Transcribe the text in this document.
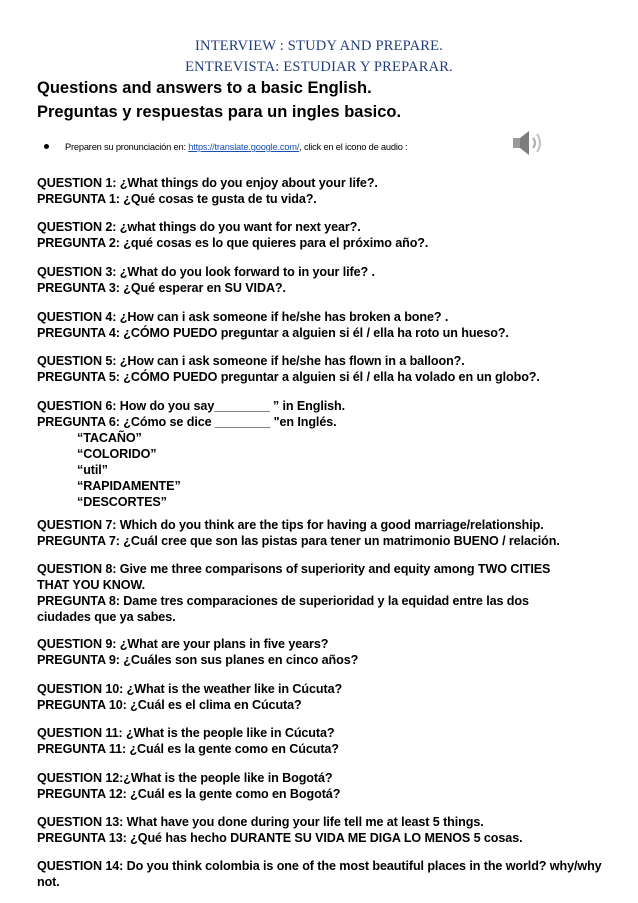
INTERVIEW : STUDY AND PREPARE.
ENTREVISTA: ESTUDIAR Y PREPARAR.
Questions and answers to a basic English.
Preguntas y respuestas para un ingles basico.
Preparen su pronunciación en: https://translate.google.com/, click en el icono de audio :
QUESTION 1: ¿What things do you enjoy about your life?.
PREGUNTA 1: ¿Qué cosas te gusta de tu vida?.
QUESTION 2: ¿what things do you want for next year?.
PREGUNTA 2: ¿qué cosas es lo que quieres para el próximo año?.
QUESTION 3: ¿What do you look forward to in your life? .
PREGUNTA 3: ¿Qué esperar en SU VIDA?.
QUESTION 4: ¿How can i ask someone if he/she has broken a bone? .
PREGUNTA 4: ¿CÓMO PUEDO preguntar a alguien si él / ella ha roto un hueso?.
QUESTION 5: ¿How can i ask someone if he/she has flown in a balloon?.
PREGUNTA 5: ¿CÓMO PUEDO preguntar a alguien si él / ella ha volado en un globo?.
QUESTION 6: How do you say________ ” in English.
PREGUNTA 6: ¿Cómo se dice ________ "en Inglés.
“TACAÑO”
“COLORIDO”
“util”
“RAPIDAMENTE”
“DESCORTES”
QUESTION 7: Which do you think are the tips for having a good marriage/relationship.
PREGUNTA 7: ¿Cuál cree que son las pistas para tener un matrimonio BUENO / relación.
QUESTION 8: Give me three comparisons of superiority and equity among TWO CITIES THAT YOU KNOW.
PREGUNTA 8: Dame tres comparaciones de superioridad y la equidad entre las dos ciudades que ya sabes.
QUESTION 9: ¿What are your plans in five years?
PREGUNTA 9: ¿Cuáles son sus planes en cinco años?
QUESTION 10: ¿What is the weather like in Cúcuta?
PREGUNTA 10: ¿Cuál es el clima en Cúcuta?
QUESTION 11: ¿What is the people like in Cúcuta?
PREGUNTA 11: ¿Cuál es la gente como en Cúcuta?
QUESTION 12:¿What is the people like in Bogotá?
PREGUNTA 12: ¿Cuál es la gente como en Bogotá?
QUESTION 13: What have you done during your life tell me at least 5 things.
PREGUNTA 13: ¿Qué has hecho DURANTE SU VIDA ME DIGA LO MENOS 5 cosas.
QUESTION 14: Do you think colombia is one of the most beautiful places in the world? why/why not.
